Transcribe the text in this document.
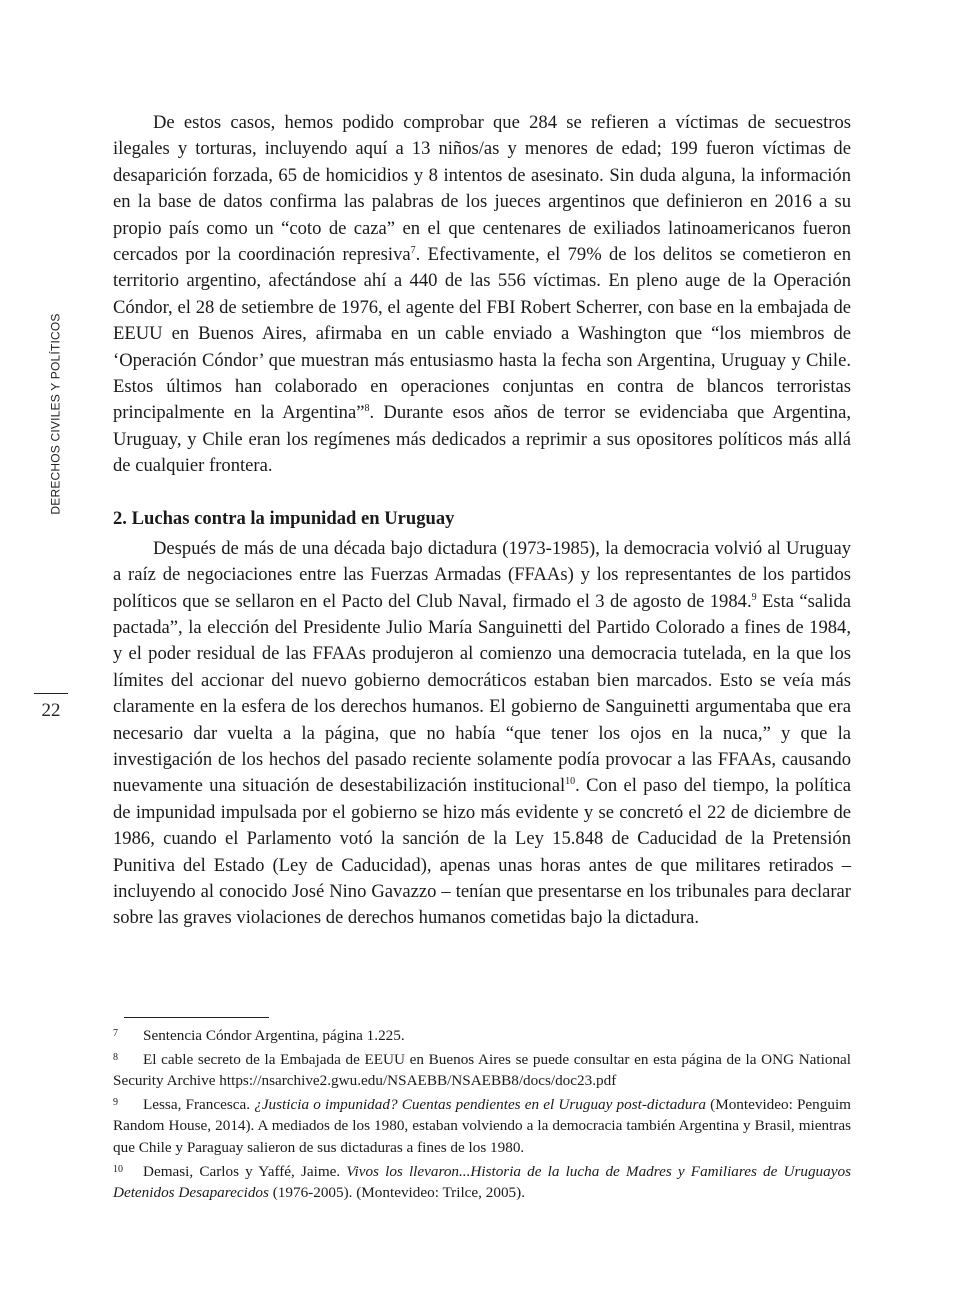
DERECHOS CIVILES Y POLÍTICOS
22

De estos casos, hemos podido comprobar que 284 se refieren a víctimas de secuestros ilegales y torturas, incluyendo aquí a 13 niños/as y menores de edad; 199 fueron víctimas de desaparición forzada, 65 de homicidios y 8 intentos de asesinato. Sin duda alguna, la información en la base de datos confirma las palabras de los jueces argentinos que definieron en 2016 a su propio país como un “coto de caza” en el que centenares de exiliados latinoamericanos fueron cercados por la coordinación represiva$^7$. Efectivamente, el 79% de los delitos se cometieron en territorio argentino, afectándose ahí a 440 de las 556 víctimas. En pleno auge de la Operación Cóndor, el 28 de setiembre de 1976, el agente del FBI Robert Scherrer, con base en la embajada de EEUU en Buenos Aires, afirmaba en un cable enviado a Washington que “los miembros de ‘Operación Cóndor’ que muestran más entusiasmo hasta la fecha son Argentina, Uruguay y Chile. Estos últimos han colaborado en operaciones conjuntas en contra de blancos terroristas principalmente en la Argentina”$^8$. Durante esos años de terror se evidenciaba que Argentina, Uruguay, y Chile eran los regímenes más dedicados a reprimir a sus opositores políticos más allá de cualquier frontera.

2. Luchas contra la impunidad en Uruguay

Después de más de una década bajo dictadura (1973-1985), la democracia volvió al Uruguay a raíz de negociaciones entre las Fuerzas Armadas (FFAAs) y los representantes de los partidos políticos que se sellaron en el Pacto del Club Naval, firmado el 3 de agosto de 1984.$^9$ Esta “salida pactada”, la elección del Presidente Julio María Sanguinetti del Partido Colorado a fines de 1984, y el poder residual de las FFAAs produjeron al comienzo una democracia tutelada, en la que los límites del accionar del nuevo gobierno democráticos estaban bien marcados. Esto se veía más claramente en la esfera de los derechos humanos. El gobierno de Sanguinetti argumentaba que era necesario dar vuelta a la página, que no había “que tener los ojos en la nuca,” y que la investigación de los hechos del pasado reciente solamente podía provocar a las FFAAs, causando nuevamente una situación de desestabilización institucional$^{10}$. Con el paso del tiempo, la política de impunidad impulsada por el gobierno se hizo más evidente y se concretó el 22 de diciembre de 1986, cuando el Parlamento votó la sanción de la Ley 15.848 de Caducidad de la Pretensión Punitiva del Estado (Ley de Caducidad), apenas unas horas antes de que militares retirados – incluyendo al conocido José Nino Gavazzo – tenían que presentarse en los tribunales para declarar sobre las graves violaciones de derechos humanos cometidas bajo la dictadura.

7 Sentencia Cóndor Argentina, página 1.225.

8 El cable secreto de la Embajada de EEUU en Buenos Aires se puede consultar en esta página de la ONG National Security Archive https://nsarchive2.gwu.edu/NSAEBB/NSAEBB8/docs/doc23.pdf

9 Lessa, Francesca. ¿Justicia o impunidad? Cuentas pendientes en el Uruguay post-dictadura (Montevideo: Penguim Random House, 2014). A mediados de los 1980, estaban volviendo a la democracia también Argentina y Brasil, mientras que Chile y Paraguay salieron de sus dictaduras a fines de los 1980.

10 Demasi, Carlos y Yaffé, Jaime. Vivos los llevaron...Historia de la lucha de Madres y Familiares de Uruguayos Detenidos Desaparecidos (1976-2005). (Montevideo: Trilce, 2005).
